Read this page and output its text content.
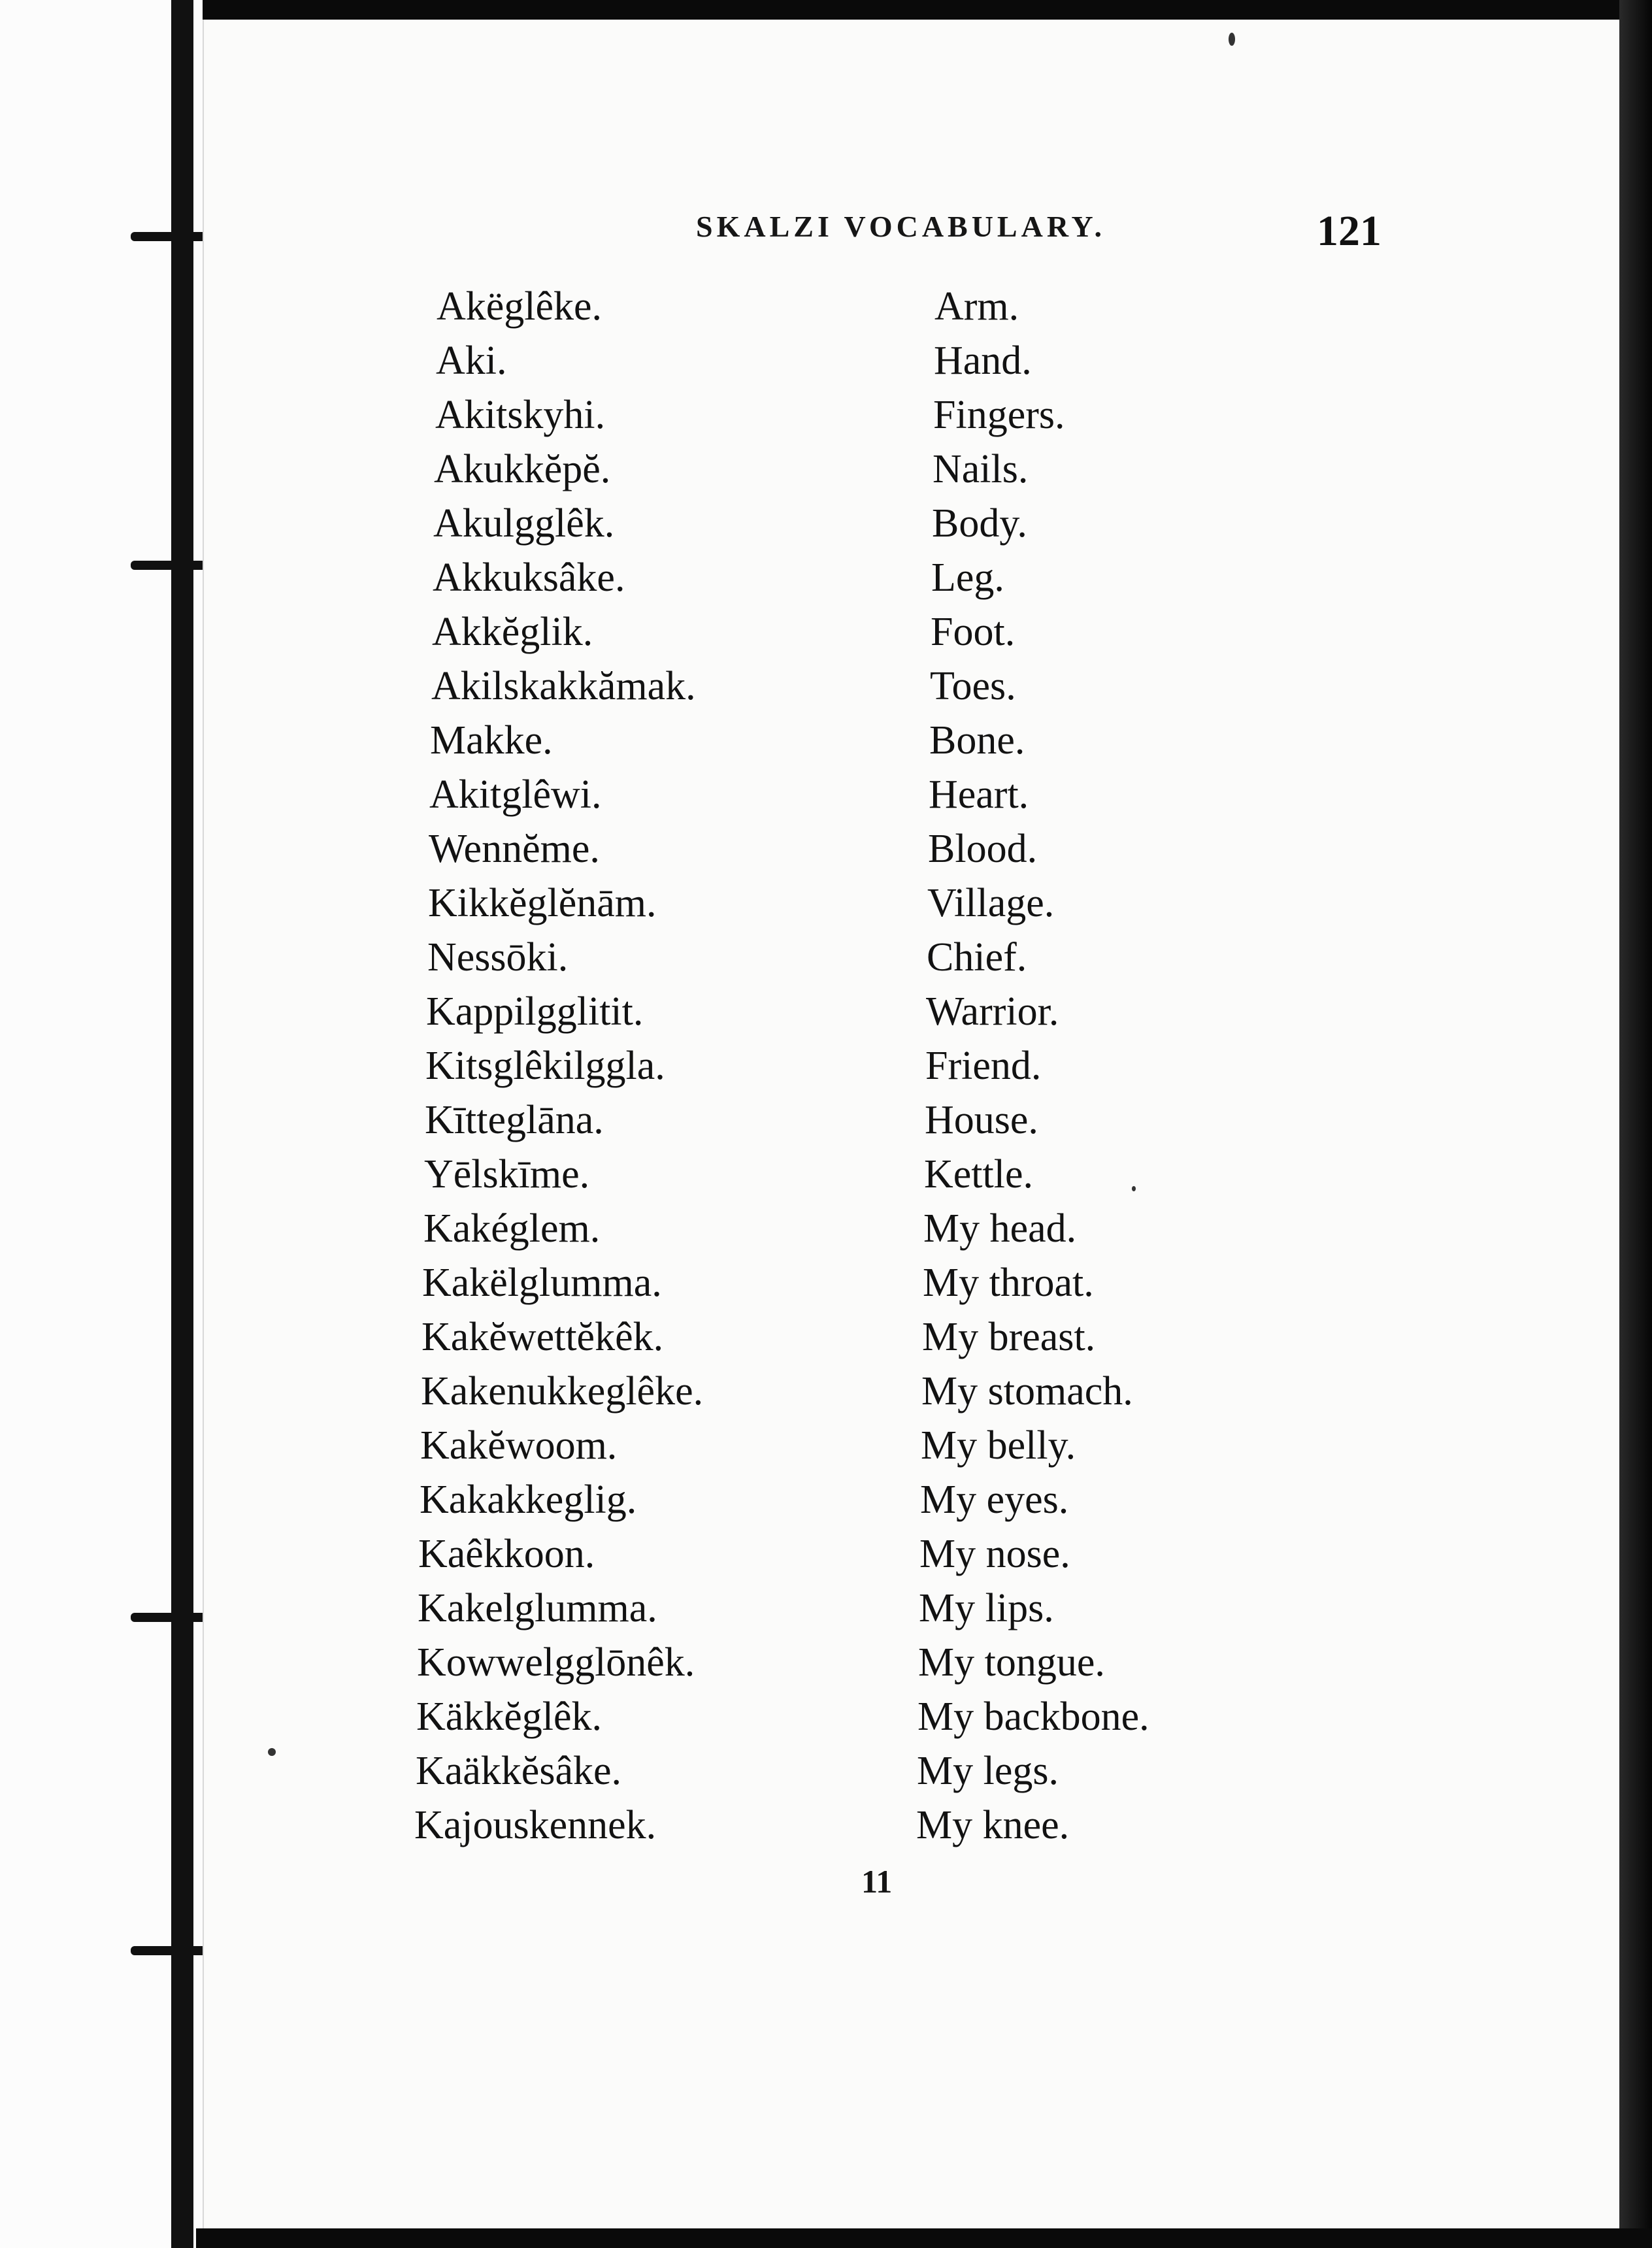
SKALZI VOCABULARY.	121
Akëglêke.
Aki.
Akitskyhi.
Akukkĕpĕ.
Akulgglêk.
Akkuksâke.
Akkĕglik.
Akilskakkămak.
Makke.
Akitglêwi.
Wennĕme.
Kikkĕglĕnām.
Nessōki.
Kappilgglitit.
Kitsglêkilggla.
Kītteglāna.
Yēlskīme.
Kakéglem.
Kakëlglumma.
Kakĕwettĕkêk.
Kakenukkeglêke.
Kakĕwoom.
Kakakkeglig.
Kaêkkoon.
Kakelglumma.
Kowwelgglōnêk.
Käkkĕglêk.
Kaäkkĕsâke.
Kajouskennek.
Arm.
Hand.
Fingers.
Nails.
Body.
Leg.
Foot.
Toes.
Bone.
Heart.
Blood.
Village.
Chief.
Warrior.
Friend.
House.
Kettle.
My head.
My throat.
My breast.
My stomach.
My belly.
My eyes.
My nose.
My lips.
My tongue.
My backbone.
My legs.
My knee.
11
